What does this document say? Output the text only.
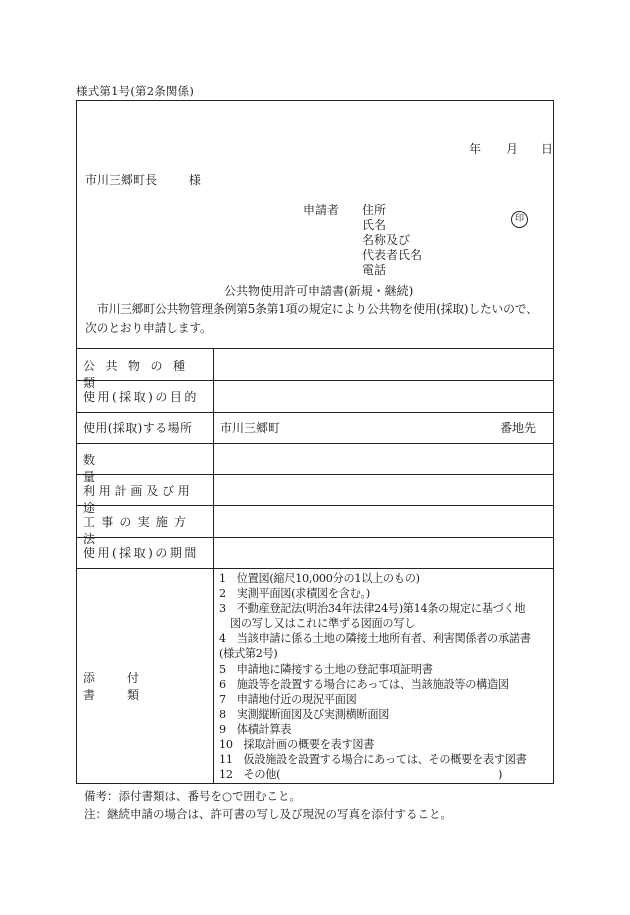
様式第1号(第2条関係)
年 月 日
市川三郷町長	様
申請者 住所
氏名
名称及び
代表者氏名
電話
印
公共物使用許可申請書(新規・継続)
市川三郷町公共物管理条例第5条第1項の規定により公共物を使用(採取)したいので、次のとおり申請します。
公共物の種類
使用(採取)の目的
使用(採取)する場所 市川三郷町	番地先
数量
利用計画及び用途
工事の実施方法
使用(採取)の期間
添付書類
1　位置図(縮尺10,000分の1以上のもの)
2　実測平面図(求積図を含む。)
3　不動産登記法(明治34年法律24号)第14条の規定に基づく地
図の写し又はこれに準ずる図面の写し
4　当該申請に係る土地の隣接土地所有者、利害関係者の承諾書
(様式第2号)
5　申請地に隣接する土地の登記事項証明書
6　施設等を設置する場合にあっては、当該施設等の構造図
7　申請地付近の現況平面図
8　実測縦断面図及び実測横断面図
9　体積計算表
10　採取計画の概要を表す図書
11　仮設施設を設置する場合にあっては、その概要を表す図書
12　その他(　　　　　　　　　　　　　　　　　　　　)
備考：添付書類は、番号を○で囲むこと。
注：継続申請の場合は、許可書の写し及び現況の写真を添付すること。
